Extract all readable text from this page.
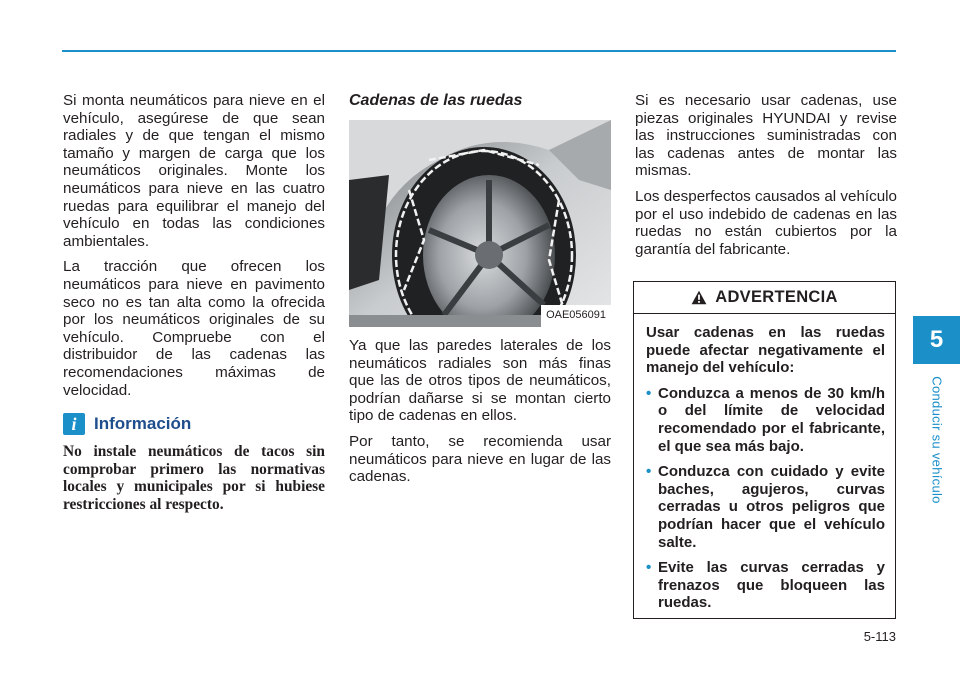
Si monta neumáticos para nieve en el vehículo, asegúrese de que sean radiales y de que tengan el mismo tamaño y margen de carga que los neumáticos originales. Monte los neumáticos para nieve en las cuatro ruedas para equilibrar el manejo del vehículo en todas las condiciones ambientales.

La tracción que ofrecen los neumáticos para nieve en pavimento seco no es tan alta como la ofrecida por los neumáticos originales de su vehículo. Compruebe con el distribuidor de las cadenas las recomendaciones máximas de velocidad.

i	Información

No instale neumáticos de tacos sin comprobar primero las normativas locales y municipales por si hubiese restricciones al respecto.

Cadenas de las ruedas
OAE056091

Ya que las paredes laterales de los neumáticos radiales son más finas que las de otros tipos de neumáticos, podrían dañarse si se montan cierto tipo de cadenas en ellos.

Por tanto, se recomienda usar neumáticos para nieve en lugar de las cadenas.

Si es necesario usar cadenas, use piezas originales HYUNDAI y revise las instrucciones suministradas con las cadenas antes de montar las mismas.

Los desperfectos causados al vehículo por el uso indebido de cadenas en las ruedas no están cubiertos por la garantía del fabricante.

ADVERTENCIA

Usar cadenas en las ruedas puede afectar negativamente el manejo del vehículo:

• Conduzca a menos de 30 km/h o del límite de velocidad recomendado por el fabricante, el que sea más bajo.
• Conduzca con cuidado y evite baches, agujeros, curvas cerradas u otros peligros que podrían hacer que el vehículo salte.
• Evite las curvas cerradas y frenazos que bloqueen las ruedas.
5
Conducir su vehículo
5-113
